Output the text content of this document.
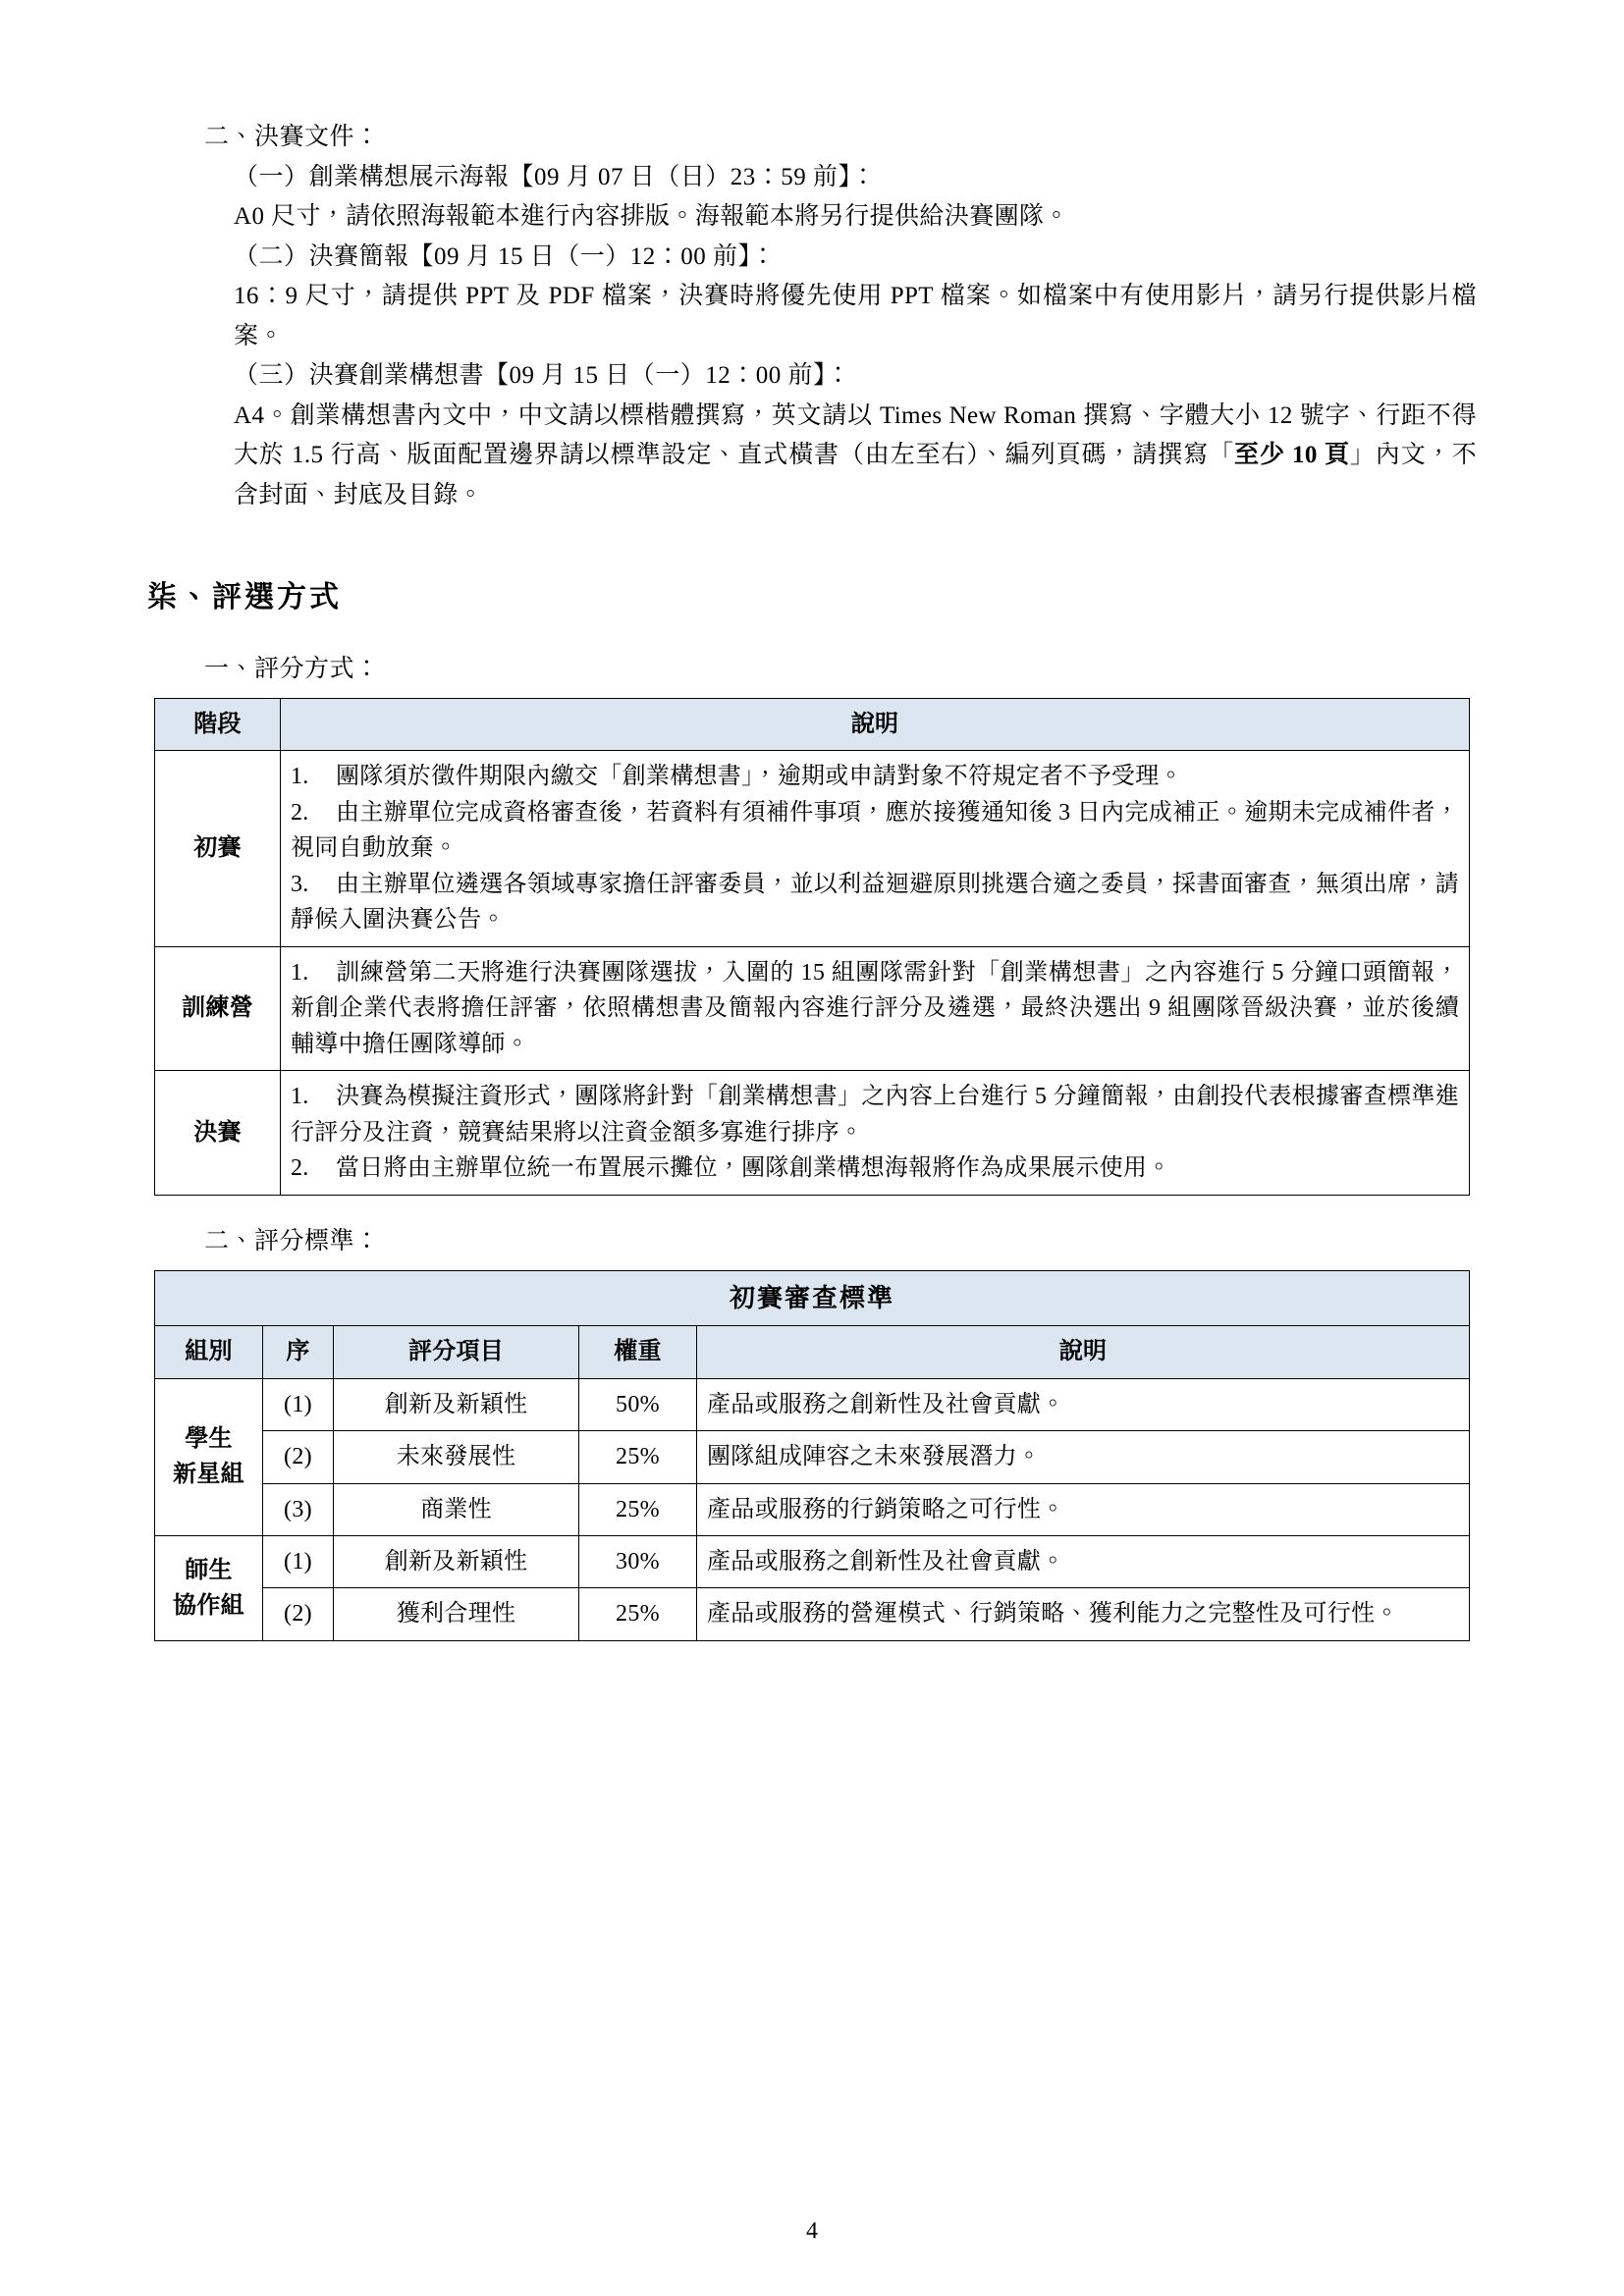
二、決賽文件：
（一）創業構想展示海報【09 月 07 日（日）23：59 前】：
A0 尺寸，請依照海報範本進行內容排版。海報範本將另行提供給決賽團隊。
（二）決賽簡報【09 月 15 日（一）12：00 前】：
16：9 尺寸，請提供 PPT 及 PDF 檔案，決賽時將優先使用 PPT 檔案。如檔案中有使用影片，請另行提供影片檔案。
（三）決賽創業構想書【09 月 15 日（一）12：00 前】：
A4。創業構想書內文中，中文請以標楷體撰寫，英文請以 Times New Roman 撰寫、字體大小 12 號字、行距不得大於 1.5 行高、版面配置邊界請以標準設定、直式橫書（由左至右）、編列頁碼，請撰寫「至少 10 頁」內文，不含封面、封底及目錄。
柒、評選方式
一、評分方式：
階段	說明
初賽	1. 團隊須於徵件期限內繳交「創業構想書」，逾期或申請對象不符規定者不予受理。
2. 由主辦單位完成資格審查後，若資料有須補件事項，應於接獲通知後 3 日內完成補正。逾期未完成補件者，視同自動放棄。
3. 由主辦單位遴選各領域專家擔任評審委員，並以利益迴避原則挑選合適之委員，採書面審查，無須出席，請靜候入圍決賽公告。

訓練營	1. 訓練營第二天將進行決賽團隊選拔，入圍的 15 組團隊需針對「創業構想書」之內容進行 5 分鐘口頭簡報，新創企業代表將擔任評審，依照構想書及簡報內容進行評分及遴選，最終決選出 9 組團隊晉級決賽，並於後續輔導中擔任團隊導師。

決賽	1. 決賽為模擬注資形式，團隊將針對「創業構想書」之內容上台進行 5 分鐘簡報，由創投代表根據審查標準進行評分及注資，競賽結果將以注資金額多寡進行排序。
2. 當日將由主辦單位統一布置展示攤位，團隊創業構想海報將作為成果展示使用。
二、評分標準：
初賽審查標準				
組別	序	評分項目	權重	說明

學生
新星組	(1)	創新及新穎性	50%	產品或服務之創新性及社會貢獻。
	(2)	未來發展性	25%	團隊組成陣容之未來發展潛力。
	(3)	商業性	25%	產品或服務的行銷策略之可行性。

師生
協作組	(1)	創新及新穎性	30%	產品或服務之創新性及社會貢獻。
	(2)	獲利合理性	25%	產品或服務的營運模式、行銷策略、獲利能力之完整性及可行性。
4
